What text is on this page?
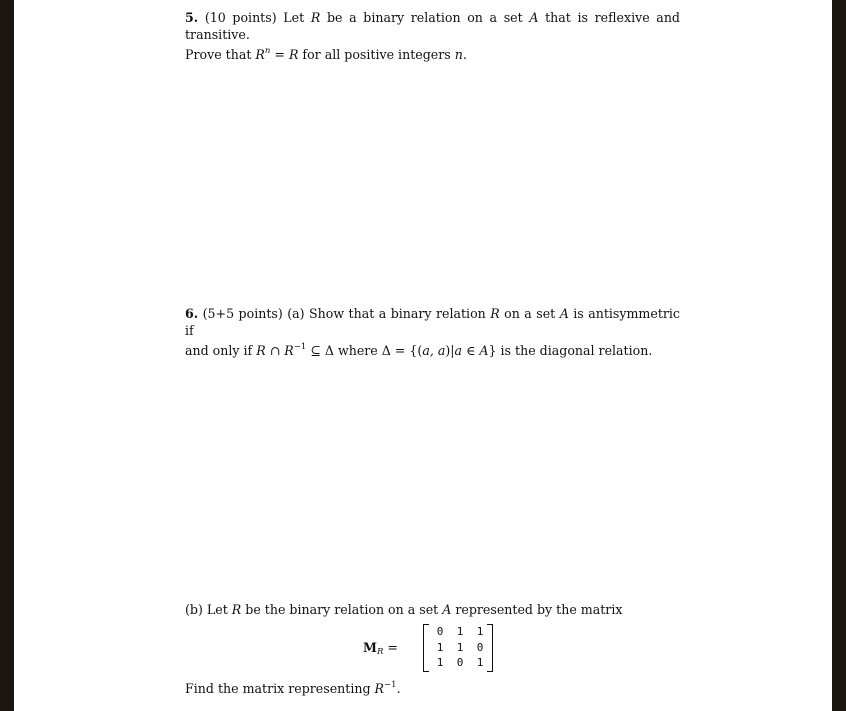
5. (10 points) Let R be a binary relation on a set A that is reflexive and transitive.
Prove that $R^n = R$ for all positive integers n.
6. (5+5 points) (a) Show that a binary relation R on a set A is antisymmetric if
and only if R ∩ $R^{-1}$ ⊆ Δ where Δ = {(a, a)|a ∈ A} is the diagonal relation.
(b) Let R be the binary relation on a set A represented by the matrix
$M_R$ =
0	1	1
1	1	0
1	0	1
Find the matrix representing $R^{-1}$.
